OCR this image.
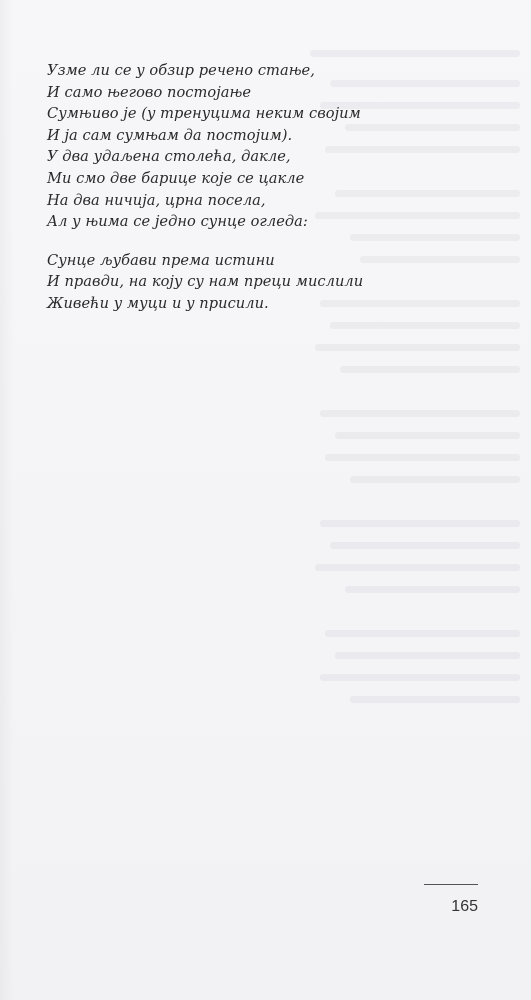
Узме ли се у обзир речено стање,
И само његово постојање
Сумњиво је (у тренуцима неким својим
И ја сам сумњам да постојим).
У два удаљена столећа, дакле,
Ми смо две барице које се цакле
На два ничија, црна посела,
Ал у њима се једно сунце огледа:
Сунце љубави према истини
И правди, на коју су нам преци мислили
Живећи у муци и у присили.
165
